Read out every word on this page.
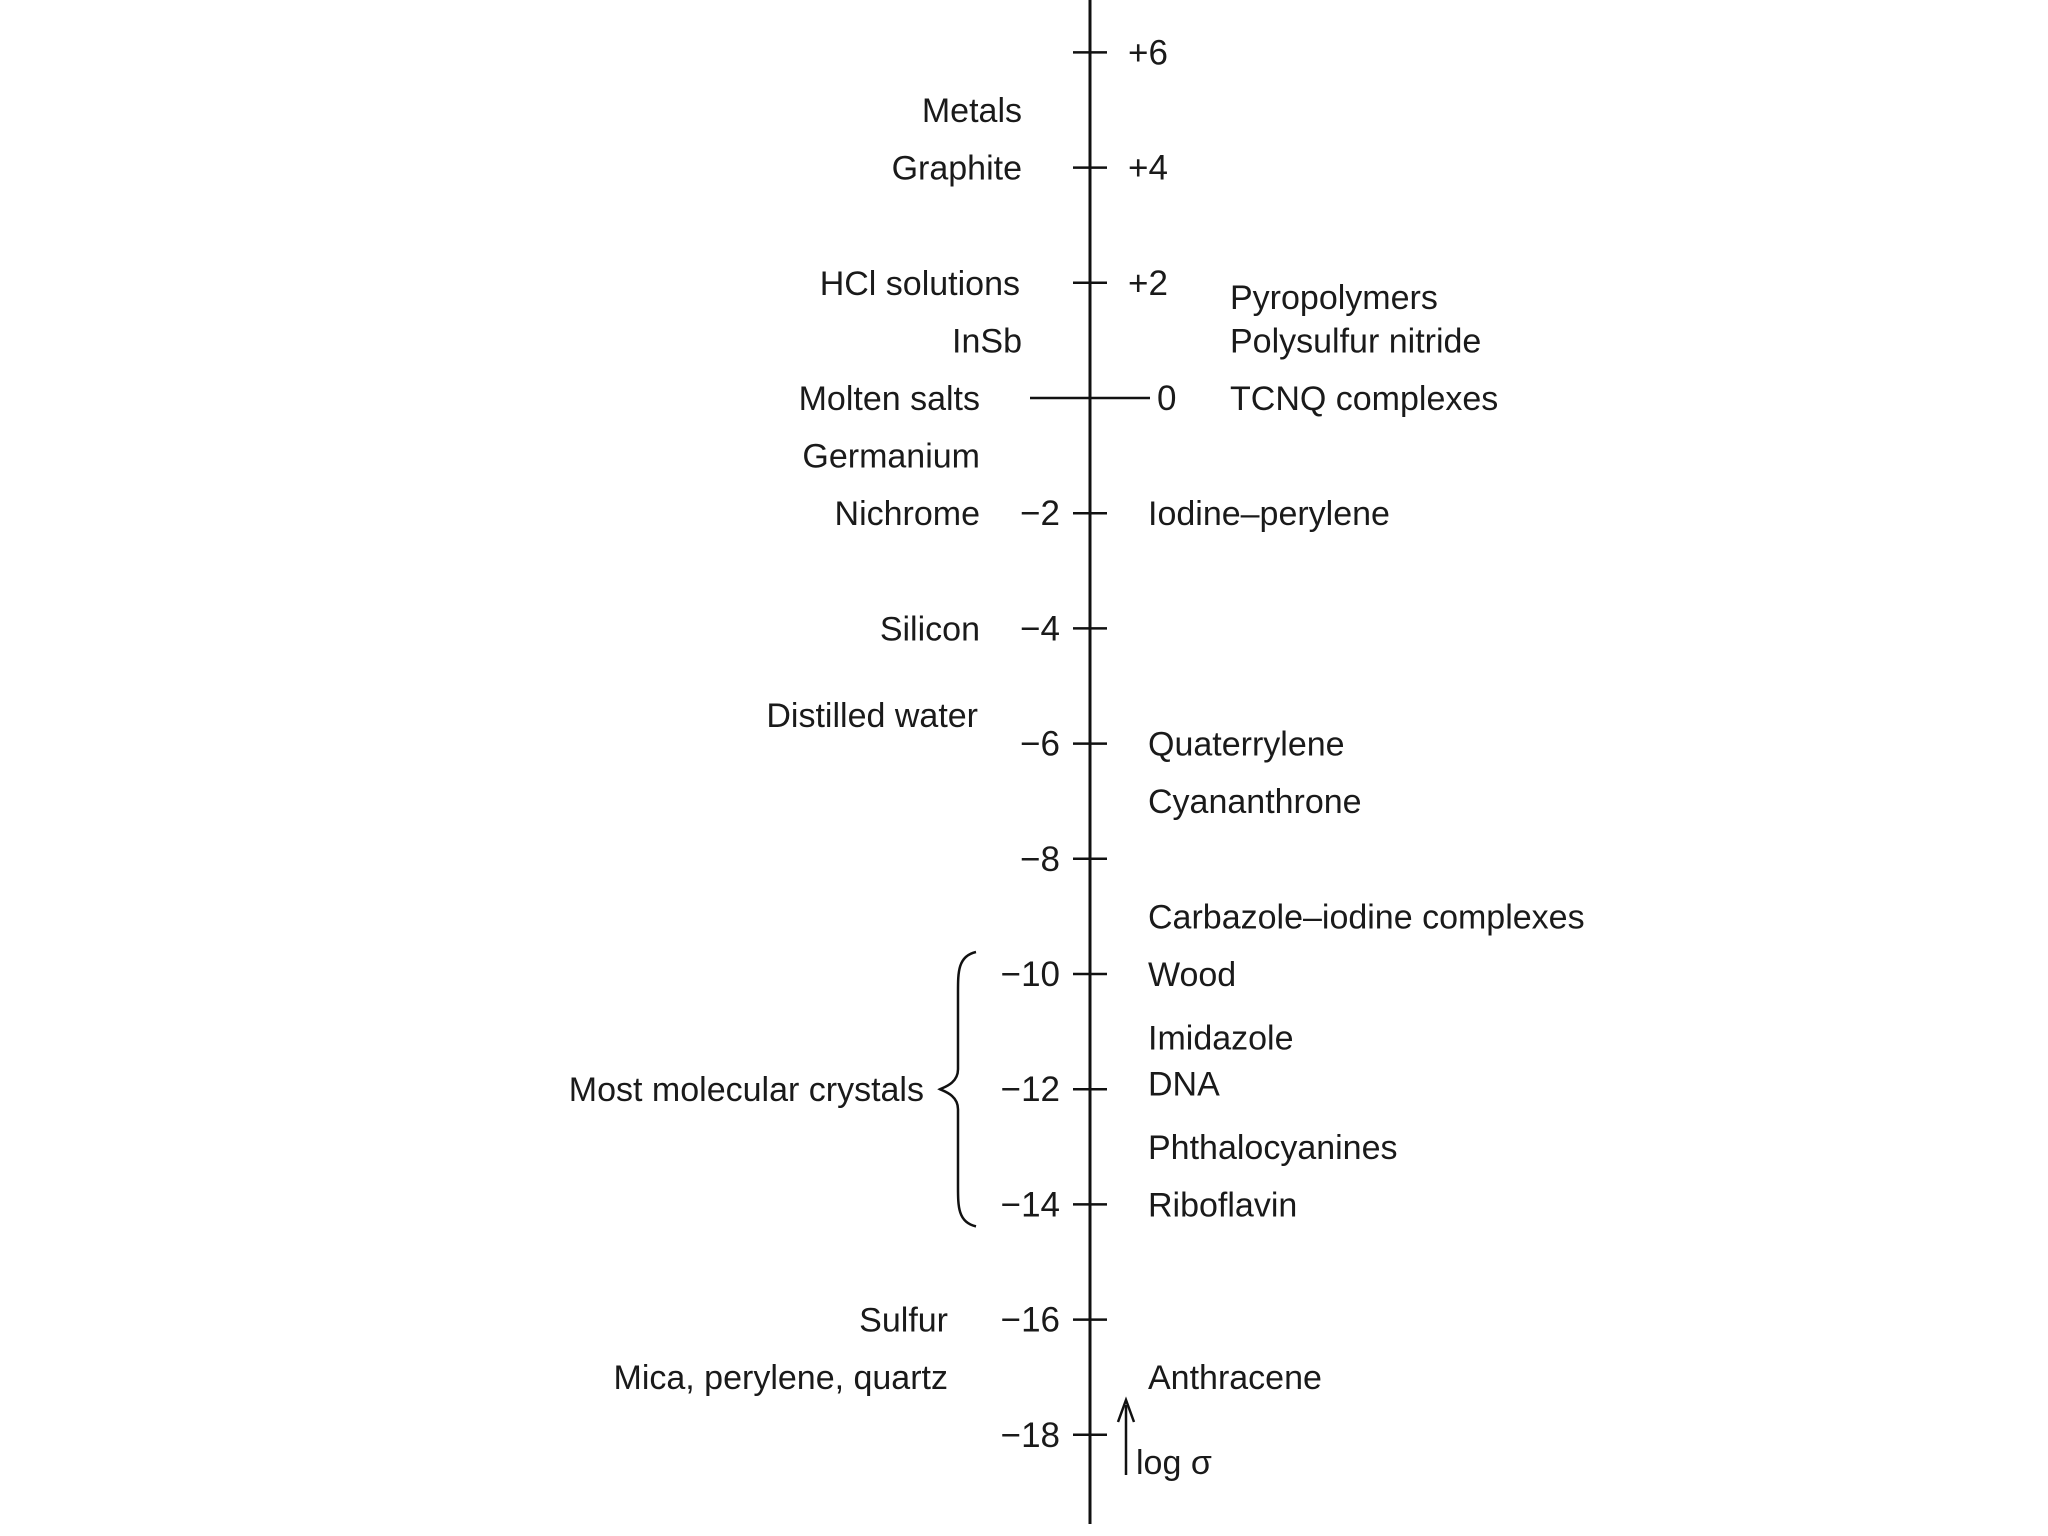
+6
+4
+2
0
−2
−4
−6
−8
−10
−12
−14
−16
−18
Metals
Graphite
HCl solutions
InSb
Molten salts
Germanium
Nichrome
Silicon
Distilled water
Sulfur
Mica, perylene, quartz
Pyropolymers
Polysulfur nitride
TCNQ complexes
Iodine–perylene
Quaterrylene
Cyananthrone
Carbazole–iodine complexes
Wood
Imidazole
DNA
Phthalocyanines
Riboflavin
Anthracene
Most molecular crystals
log σ
